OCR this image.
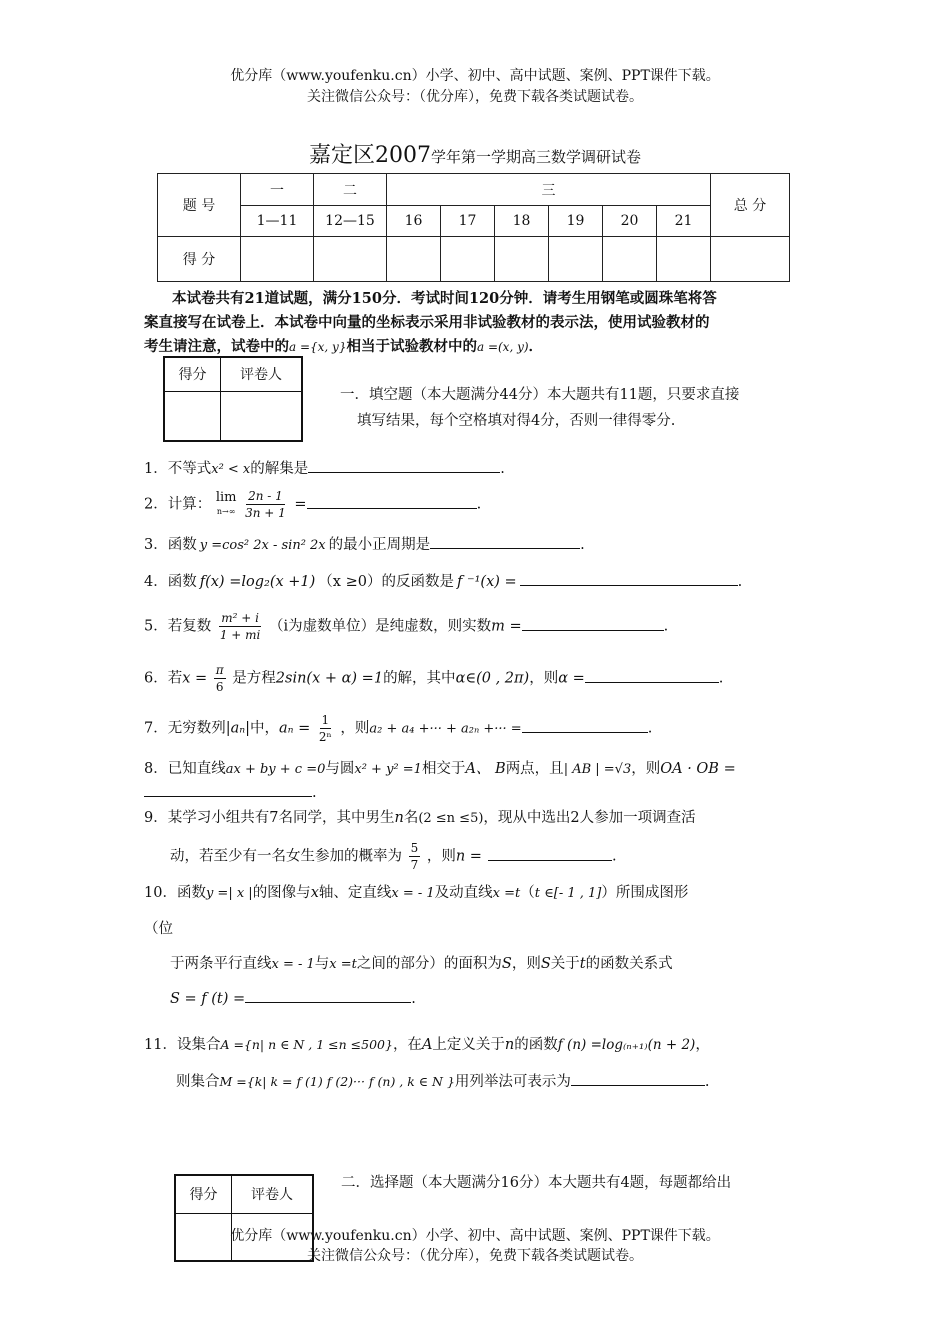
优分库（www.youfenku.cn）小学、初中、高中试题、案例、PPT课件下载。
关注微信公众号：（优分库），免费下载各类试题试卷。
嘉定区2007学年第一学期高三数学调研试卷
题 号	一	二	三						总 分
	1—11	12—15	16	17	18	19	20	21	
得 分									
本试卷共有21道试题，满分150分．考试时间120分钟．请考生用钢笔或圆珠笔将答
案直接写在试卷上．本试卷中向量的坐标表示采用非试验教材的表示法，使用试验教材的
考生请注意，试卷中的a ={x, y}相当于试验教材中的a =(x, y)．
得分	评卷人

一．填空题（本大题满分44分）本大题共有11题，只要求直接
填写结果，每个空格填对得4分，否则一律得零分.
1．不等式x² < x的解集是	.
2．计算： lim
n→∞
$\frac{2n - 1}{3n + 1}$ =	.
3．函数 y =cos² 2x - sin² 2x 的最小正周期是	.
4．函数 f(x) =log₂(x +1) （x ≥0）的反函数是 f ⁻¹(x) =	.
5．若复数 $\frac{\text{m² + i}}{1 + mi} (i$为虚数单位）是纯虚数，则实数m =	.
6．若$x = \frac{\pi}{6}$ 是方程2sin(x + α) =1的解，其中α∈(0 , 2π)，则α =	.
7．无穷数列|aₙ|中，$a_n = \frac{1}{\text{2ⁿ}}$ ，则a₂ + a₄ +··· + a₂ₙ +··· =	.
8．已知直线ax + by + c =0与圆x² + y² =1相交于A、 B两点，且| AB | =√3，则OA · OB =
.
9．某学习小组共有7名同学，其中男生n名(2 ≤n ≤5)，现从中选出2人参加一项调查活
动，若至少有一名女生参加的概率为 $\frac{5}{7}$ ，则n =	.
10．函数y =| x |的图像与x轴、定直线x = - 1及动直线x =t（t ∈[- 1 , 1]）所围成图形
（位
于两条平行直线x = - 1与x =t之间的部分）的面积为S，则S关于t的函数关系式
S = f (t) =	.
11．设集合A ={n| n ∈ N , 1 ≤n ≤500}，在A上定义关于n的函数f (n) =log₍ₙ₊₁₎(n + 2)，
则集合M ={k| k = f (1) f (2)··· f (n) , k ∈ N }用列举法可表示为	.
得分	评卷人

二．选择题（本大题满分16分）本大题共有4题，每题都给出
优分库（www.youfenku.cn）小学、初中、高中试题、案例、PPT课件下载。
关注微信公众号：（优分库），免费下载各类试题试卷。
